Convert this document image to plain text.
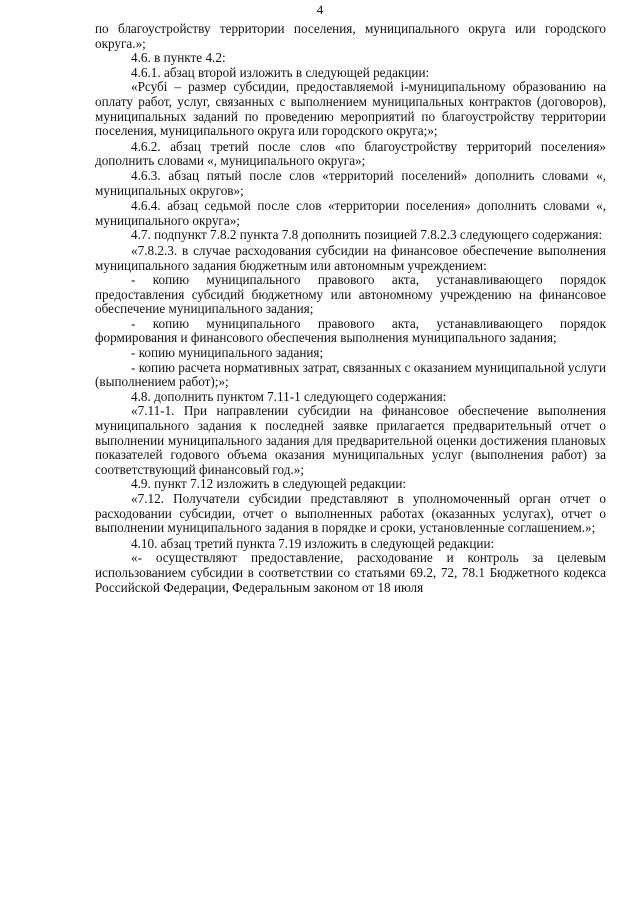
4

по благоустройству территории поселения, муниципального округа или городского округа.»;

4.6. в пункте 4.2:

4.6.1. абзац второй изложить в следующей редакции:

«Рсубi – размер субсидии, предоставляемой i-муниципальному образованию на оплату работ, услуг, связанных с выполнением муниципальных контрактов (договоров), муниципальных заданий по проведению мероприятий по благоустройству территории поселения, муниципального округа или городского округа;»;

4.6.2. абзац третий после слов «по благоустройству территорий поселения» дополнить словами «, муниципального округа»;

4.6.3. абзац пятый после слов «территорий поселений» дополнить словами «, муниципальных округов»;

4.6.4. абзац седьмой после слов «территории поселения» дополнить словами «, муниципального округа»;

4.7. подпункт 7.8.2 пункта 7.8 дополнить позицией 7.8.2.3 следующего содержания:

«7.8.2.3. в случае расходования субсидии на финансовое обеспечение выполнения муниципального задания бюджетным или автономным учреждением:

- копию муниципального правового акта, устанавливающего порядок предоставления субсидий бюджетному или автономному учреждению на финансовое обеспечение муниципального задания;

- копию муниципального правового акта, устанавливающего порядок формирования и финансового обеспечения выполнения муниципального задания;

- копию муниципального задания;

- копию расчета нормативных затрат, связанных с оказанием муниципальной услуги (выполнением работ);»;

4.8. дополнить пунктом 7.11-1 следующего содержания:

«7.11-1. При направлении субсидии на финансовое обеспечение выполнения муниципального задания к последней заявке прилагается предварительный отчет о выполнении муниципального задания для предварительной оценки достижения плановых показателей годового объема оказания муниципальных услуг (выполнения работ) за соответствующий финансовый год.»;

4.9. пункт 7.12 изложить в следующей редакции:

«7.12. Получатели субсидии представляют в уполномоченный орган отчет о расходовании субсидии, отчет о выполненных работах (оказанных услугах), отчет о выполнении муниципального задания в порядке и сроки, установленные соглашением.»;

4.10. абзац третий пункта 7.19 изложить в следующей редакции:

«- осуществляют предоставление, расходование и контроль за целевым использованием субсидии в соответствии со статьями 69.2, 72, 78.1 Бюджетного кодекса Российской Федерации, Федеральным законом от 18 июля
